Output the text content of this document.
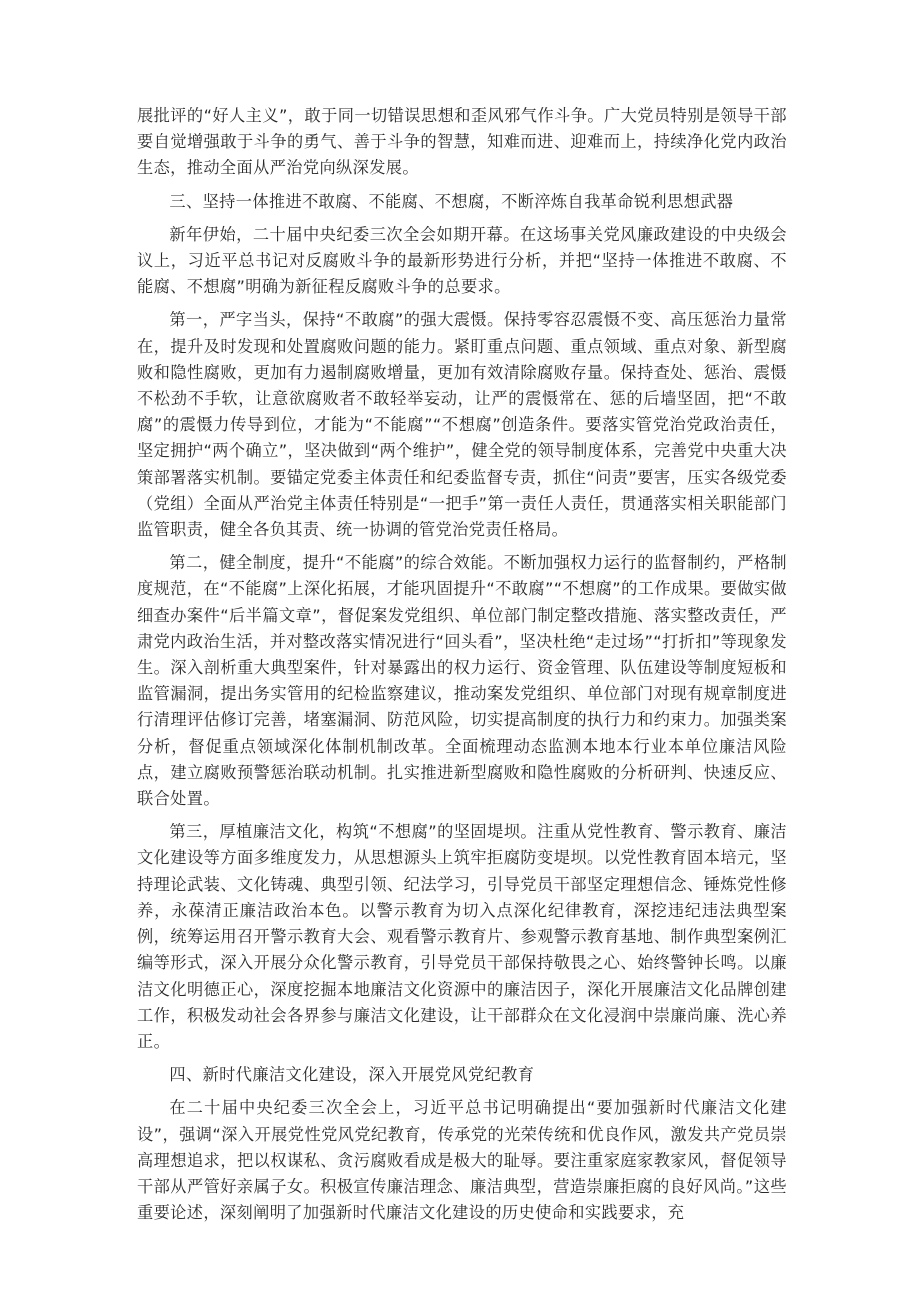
展批评的“好人主义”，敢于同一切错误思想和歪风邪气作斗争。广大党员特别是领导干部要自觉增强敢于斗争的勇气、善于斗争的智慧，知难而进、迎难而上，持续净化党内政治生态，推动全面从严治党向纵深发展。

三、坚持一体推进不敢腐、不能腐、不想腐，不断淬炼自我革命锐利思想武器

新年伊始，二十届中央纪委三次全会如期开幕。在这场事关党风廉政建设的中央级会议上，习近平总书记对反腐败斗争的最新形势进行分析，并把“坚持一体推进不敢腐、不能腐、不想腐”明确为新征程反腐败斗争的总要求。

第一，严字当头，保持“不敢腐”的强大震慑。保持零容忍震慑不变、高压惩治力量常在，提升及时发现和处置腐败问题的能力。紧盯重点问题、重点领域、重点对象、新型腐败和隐性腐败，更加有力遏制腐败增量，更加有效清除腐败存量。保持查处、惩治、震慑不松劲不手软，让意欲腐败者不敢轻举妄动，让严的震慑常在、惩的后墙坚固，把“不敢腐”的震慑力传导到位，才能为“不能腐”“不想腐”创造条件。要落实管党治党政治责任，坚定拥护“两个确立”，坚决做到“两个维护”，健全党的领导制度体系，完善党中央重大决策部署落实机制。要锚定党委主体责任和纪委监督专责，抓住“问责”要害，压实各级党委（党组）全面从严治党主体责任特别是“一把手”第一责任人责任，贯通落实相关职能部门监管职责，健全各负其责、统一协调的管党治党责任格局。

第二，健全制度，提升“不能腐”的综合效能。不断加强权力运行的监督制约，严格制度规范，在“不能腐”上深化拓展，才能巩固提升“不敢腐”“不想腐”的工作成果。要做实做细查办案件“后半篇文章”，督促案发党组织、单位部门制定整改措施、落实整改责任，严肃党内政治生活，并对整改落实情况进行“回头看”，坚决杜绝“走过场”“打折扣”等现象发生。深入剖析重大典型案件，针对暴露出的权力运行、资金管理、队伍建设等制度短板和监管漏洞，提出务实管用的纪检监察建议，推动案发党组织、单位部门对现有规章制度进行清理评估修订完善，堵塞漏洞、防范风险，切实提高制度的执行力和约束力。加强类案分析，督促重点领域深化体制机制改革。全面梳理动态监测本地本行业本单位廉洁风险点，建立腐败预警惩治联动机制。扎实推进新型腐败和隐性腐败的分析研判、快速反应、联合处置。

第三，厚植廉洁文化，构筑“不想腐”的坚固堤坝。注重从党性教育、警示教育、廉洁文化建设等方面多维度发力，从思想源头上筑牢拒腐防变堤坝。以党性教育固本培元，坚持理论武装、文化铸魂、典型引领、纪法学习，引导党员干部坚定理想信念、锤炼党性修养，永葆清正廉洁政治本色。以警示教育为切入点深化纪律教育，深挖违纪违法典型案例，统筹运用召开警示教育大会、观看警示教育片、参观警示教育基地、制作典型案例汇编等形式，深入开展分众化警示教育，引导党员干部保持敬畏之心、始终警钟长鸣。以廉洁文化明德正心，深度挖掘本地廉洁文化资源中的廉洁因子，深化开展廉洁文化品牌创建工作，积极发动社会各界参与廉洁文化建设，让干部群众在文化浸润中崇廉尚廉、洗心养正。

四、新时代廉洁文化建设，深入开展党风党纪教育

在二十届中央纪委三次全会上，习近平总书记明确提出“要加强新时代廉洁文化建设”，强调“深入开展党性党风党纪教育，传承党的光荣传统和优良作风，激发共产党员崇高理想追求，把以权谋私、贪污腐败看成是极大的耻辱。要注重家庭家教家风，督促领导干部从严管好亲属子女。积极宣传廉洁理念、廉洁典型，营造崇廉拒腐的良好风尚。”这些重要论述，深刻阐明了加强新时代廉洁文化建设的历史使命和实践要求，充
